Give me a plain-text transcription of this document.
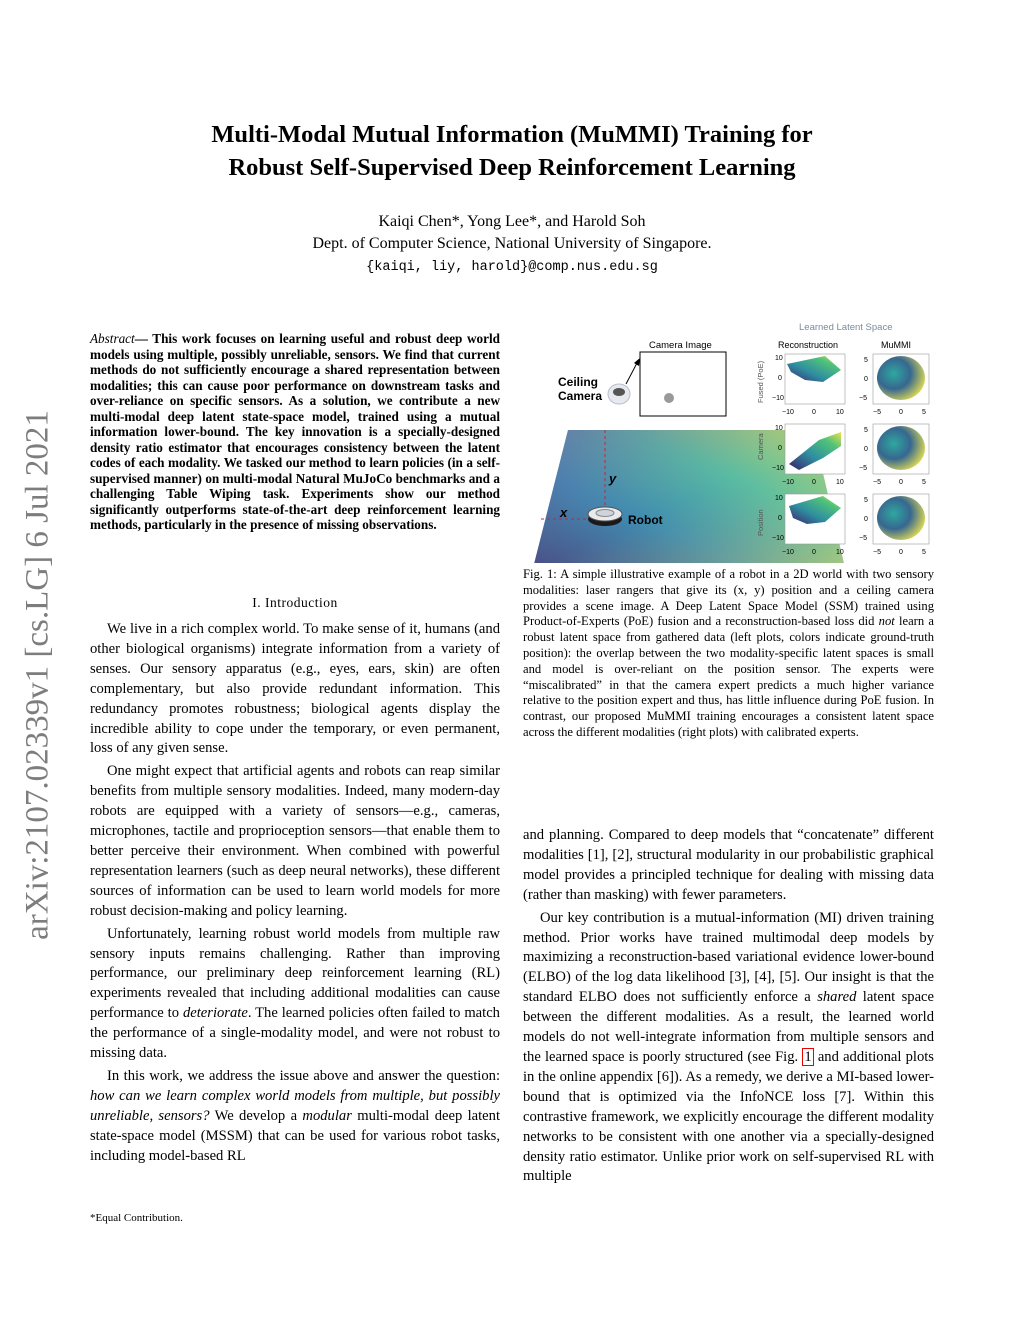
Multi-Modal Mutual Information (MuMMI) Training for
Robust Self-Supervised Deep Reinforcement Learning
Kaiqi Chen*, Yong Lee*, and Harold Soh
Dept. of Computer Science, National University of Singapore.
{kaiqi, liy, harold}@comp.nus.edu.sg
arXiv:2107.02339v1 [cs.LG] 6 Jul 2021
Abstract— This work focuses on learning useful and robust deep world models using multiple, possibly unreliable, sensors. We find that current methods do not sufficiently encourage a shared representation between modalities; this can cause poor performance on downstream tasks and over-reliance on specific sensors. As a solution, we contribute a new multi-modal deep latent state-space model, trained using a mutual information lower-bound. The key innovation is a specially-designed density ratio estimator that encourages consistency between the latent codes of each modality. We tasked our method to learn policies (in a self-supervised manner) on multi-modal Natural MuJoCo benchmarks and a challenging Table Wiping task. Experiments show our method significantly outperforms state-of-the-art deep reinforcement learning methods, particularly in the presence of missing observations.
I. Introduction

We live in a rich complex world. To make sense of it, humans (and other biological organisms) integrate information from a variety of senses. Our sensory apparatus (e.g., eyes, ears, skin) are often complementary, but also provide redundant information. This redundancy promotes robustness; biological agents display the incredible ability to cope under the temporary, or even permanent, loss of any given sense.

One might expect that artificial agents and robots can reap similar benefits from multiple sensory modalities. Indeed, many modern-day robots are equipped with a variety of sensors—e.g., cameras, microphones, tactile and proprioception sensors—that enable them to better perceive their environment. When combined with powerful representation learners (such as deep neural networks), these different sources of information can be used to learn world models for more robust decision-making and policy learning.

Unfortunately, learning robust world models from multiple raw sensory inputs remains challenging. Rather than improving performance, our preliminary deep reinforcement learning (RL) experiments revealed that including additional modalities can cause performance to deteriorate. The learned policies often failed to match the performance of a single-modality model, and were not robust to missing data.

In this work, we address the issue above and answer the question: how can we learn complex world models from multiple, but possibly unreliable, sensors? We develop a modular multi-modal deep latent state-space model (MSSM) that can be used for various robot tasks, including model-based RL

*Equal Contribution.
Ceiling
Camera
Camera Image
y
x	Robot
Learned Latent Space
Reconstruction	MuMMI
Fused (PoE)
Camera
Position
10
0
−10
−10	0	10
5
0
−5
−5	0	5
10
0
−10
−10	0	10
5
0
−5
−5	0	5
10
0
−10
−10	0	10
5
0
−5
−5	0	5
Fig. 1: A simple illustrative example of a robot in a 2D world with two sensory modalities: laser rangers that give its (x, y) position and a ceiling camera provides a scene image. A Deep Latent Space Model (SSM) trained using Product-of-Experts (PoE) fusion and a reconstruction-based loss did not learn a robust latent space from gathered data (left plots, colors indicate ground-truth position): the overlap between the two modality-specific latent spaces is small and model is over-reliant on the position sensor. The experts were “miscalibrated” in that the camera expert predicts a much higher variance relative to the position expert and thus, has little influence during PoE fusion. In contrast, our proposed MuMMI training encourages a consistent latent space across the different modalities (right plots) with calibrated experts.

and planning. Compared to deep models that “concatenate” different modalities [1], [2], structural modularity in our probabilistic graphical model provides a principled technique for dealing with missing data (rather than masking) with fewer parameters.

Our key contribution is a mutual-information (MI) driven training method. Prior works have trained multimodal deep models by maximizing a reconstruction-based variational evidence lower-bound (ELBO) of the log data likelihood [3], [4], [5]. Our insight is that the standard ELBO does not sufficiently enforce a shared latent space between the different modalities. As a result, the learned world models do not well-integrate information from multiple sensors and the learned space is poorly structured (see Fig. 1 and additional plots in the online appendix [6]). As a remedy, we derive a MI-based lower-bound that is optimized via the InfoNCE loss [7]. Within this contrastive framework, we explicitly encourage the different modality networks to be consistent with one another via a specially-designed density ratio estimator. Unlike prior work on self-supervised RL with multiple
